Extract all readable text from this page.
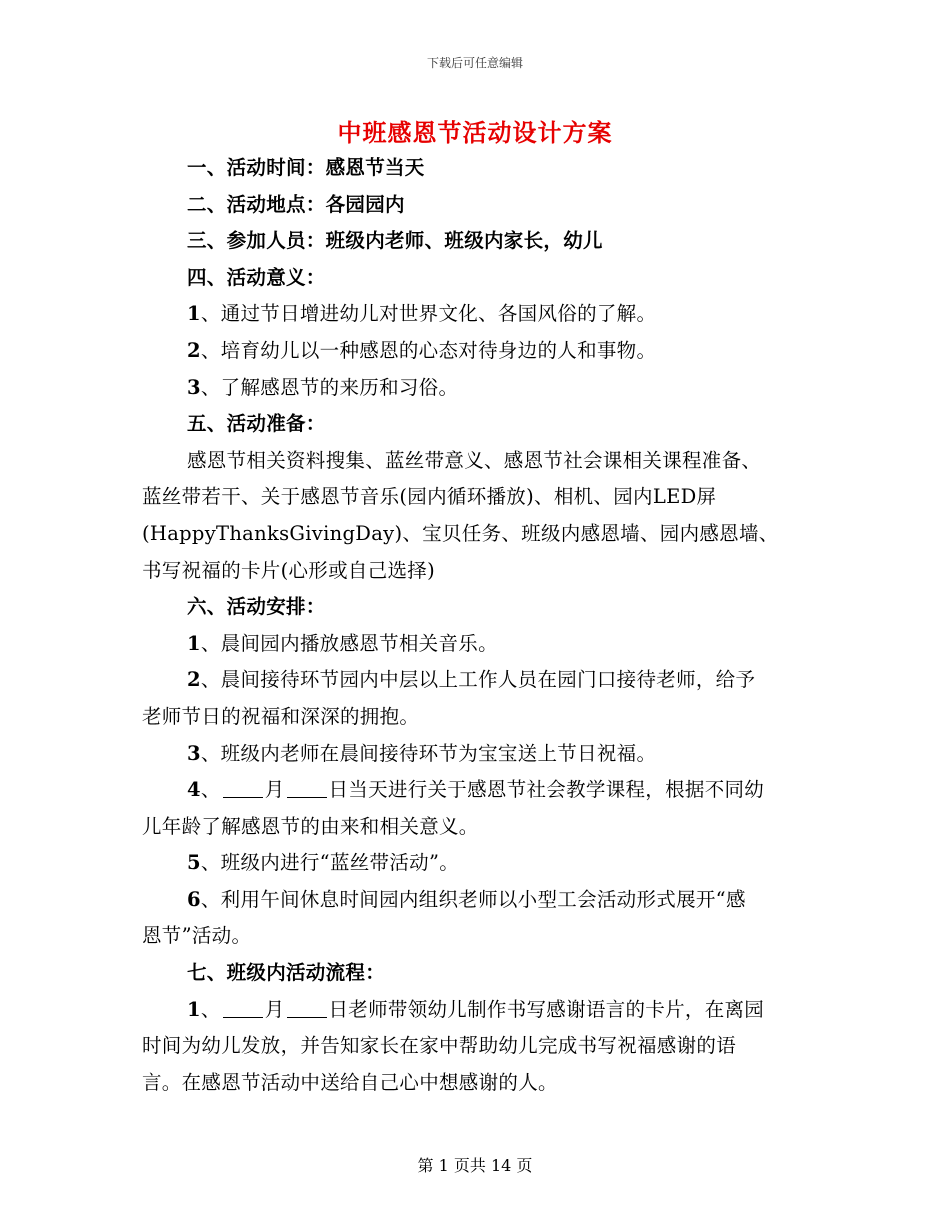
下载后可任意编辑
中班感恩节活动设计方案
一、活动时间：感恩节当天
二、活动地点：各园园内
三、参加人员：班级内老师、班级内家长，幼儿
四、活动意义：
1、通过节日增进幼儿对世界文化、各国风俗的了解。
2、培育幼儿以一种感恩的心态对待身边的人和事物。
3、了解感恩节的来历和习俗。
五、活动准备：
感恩节相关资料搜集、蓝丝带意义、感恩节社会课相关课程准备、
蓝丝带若干、关于感恩节音乐(园内循环播放)、相机、园内LED屏
(HappyThanksGivingDay)、宝贝任务、班级内感恩墙、园内感恩墙、
书写祝福的卡片(心形或自己选择)
六、活动安排：
1、晨间园内播放感恩节相关音乐。
2、晨间接待环节园内中层以上工作人员在园门口接待老师，给予
老师节日的祝福和深深的拥抱。
3、班级内老师在晨间接待环节为宝宝送上节日祝福。
4、 月 日当天进行关于感恩节社会教学课程，根据不同幼
儿年龄了解感恩节的由来和相关意义。
5、班级内进行“蓝丝带活动”。
6、利用午间休息时间园内组织老师以小型工会活动形式展开“感
恩节”活动。
七、班级内活动流程：
1、 月 日老师带领幼儿制作书写感谢语言的卡片，在离园
时间为幼儿发放，并告知家长在家中帮助幼儿完成书写祝福感谢的语
言。在感恩节活动中送给自己心中想感谢的人。
第 1 页共 14 页
